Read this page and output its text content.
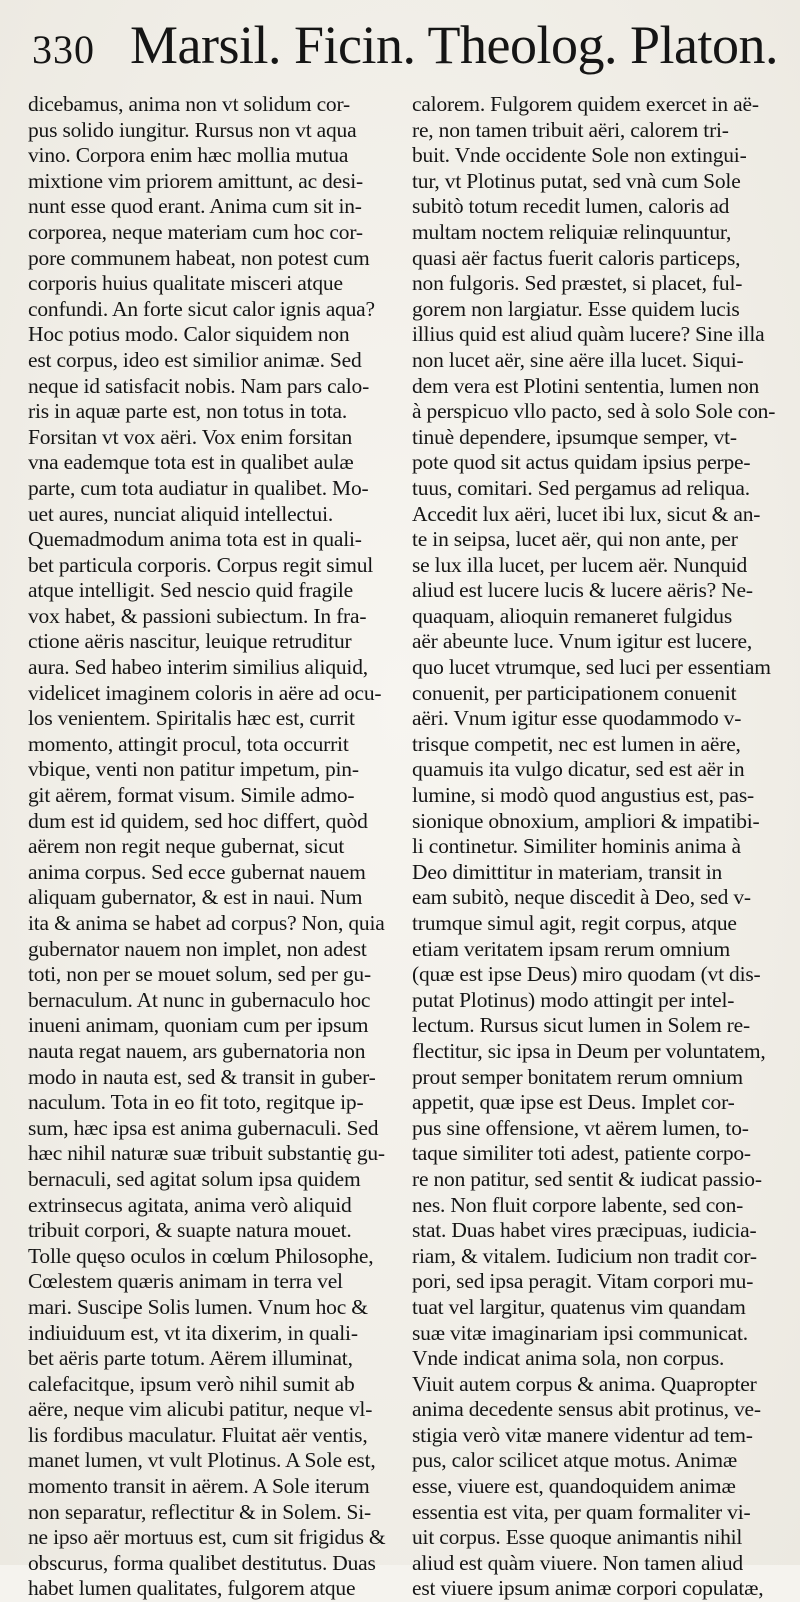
330 Marsil. Ficin. Theolog. Platon.
dicebamus, anima non vt solidum cor-
pus solido iungitur. Rursus non vt aqua
vino. Corpora enim hæc mollia mutua
mixtione vim priorem amittunt, ac desi-
nunt esse quod erant. Anima cum sit in-
corporea, neque materiam cum hoc cor-
pore communem habeat, non potest cum
corporis huius qualitate misceri atque
confundi. An forte sicut calor ignis aqua?
Hoc potius modo. Calor siquidem non
est corpus, ideo est similior animæ. Sed
neque id satisfacit nobis. Nam pars calo-
ris in aquæ parte est, non totus in tota.
Forsitan vt vox aëri. Vox enim forsitan
vna eademque tota est in qualibet aulæ
parte, cum tota audiatur in qualibet. Mo-
uet aures, nunciat aliquid intellectui.
Quemadmodum anima tota est in quali-
bet particula corporis. Corpus regit simul
atque intelligit. Sed nescio quid fragile
vox habet, & passioni subiectum. In fra-
ctione aëris nascitur, leuique retruditur
aura. Sed habeo interim similius aliquid,
videlicet imaginem coloris in aëre ad ocu-
los venientem. Spiritalis hæc est, currit
momento, attingit procul, tota occurrit
vbique, venti non patitur impetum, pin-
git aërem, format visum. Simile admo-
dum est id quidem, sed hoc differt, quòd
aërem non regit neque gubernat, sicut
anima corpus. Sed ecce gubernat nauem
aliquam gubernator, & est in naui. Num
ita & anima se habet ad corpus? Non, quia
gubernator nauem non implet, non adest
toti, non per se mouet solum, sed per gu-
bernaculum. At nunc in gubernaculo hoc
inueni animam, quoniam cum per ipsum
nauta regat nauem, ars gubernatoria non
modo in nauta est, sed & transit in guber-
naculum. Tota in eo fit toto, regitque ip-
sum, hæc ipsa est anima gubernaculi. Sed
hæc nihil naturæ suæ tribuit substantię gu-
bernaculi, sed agitat solum ipsa quidem
extrinsecus agitata, anima verò aliquid
tribuit corpori, & suapte natura mouet.
Tolle quęso oculos in cœlum Philosophe,
Cœlestem quæris animam in terra vel
mari. Suscipe Solis lumen. Vnum hoc &
indiuiduum est, vt ita dixerim, in quali-
bet aëris parte totum. Aërem illuminat,
calefacitque, ipsum verò nihil sumit ab
aëre, neque vim alicubi patitur, neque vl-
lis fordibus maculatur. Fluitat aër ventis,
manet lumen, vt vult Plotinus. A Sole est,
momento transit in aërem. A Sole iterum
non separatur, reflectitur & in Solem. Si-
ne ipso aër mortuus est, cum sit frigidus &
obscurus, forma qualibet destitutus. Duas
habet lumen qualitates, fulgorem atque
calorem. Fulgorem quidem exercet in aë-
re, non tamen tribuit aëri, calorem tri-
buit. Vnde occidente Sole non extingui-
tur, vt Plotinus putat, sed vnà cum Sole
subitò totum recedit lumen, caloris ad
multam noctem reliquiæ relinquuntur,
quasi aër factus fuerit caloris particeps,
non fulgoris. Sed præstet, si placet, ful-
gorem non largiatur. Esse quidem lucis
illius quid est aliud quàm lucere? Sine illa
non lucet aër, sine aëre illa lucet. Siqui-
dem vera est Plotini sententia, lumen non
à perspicuo vllo pacto, sed à solo Sole con-
tinuè dependere, ipsumque semper, vt-
pote quod sit actus quidam ipsius perpe-
tuus, comitari. Sed pergamus ad reliqua.
Accedit lux aëri, lucet ibi lux, sicut & an-
te in seipsa, lucet aër, qui non ante, per
se lux illa lucet, per lucem aër. Nunquid
aliud est lucere lucis & lucere aëris? Ne-
quaquam, alioquin remaneret fulgidus
aër abeunte luce. Vnum igitur est lucere,
quo lucet vtrumque, sed luci per essentiam
conuenit, per participationem conuenit
aëri. Vnum igitur esse quodammodo v-
trisque competit, nec est lumen in aëre,
quamuis ita vulgo dicatur, sed est aër in
lumine, si modò quod angustius est, pas-
sionique obnoxium, ampliori & impatibi-
li continetur. Similiter hominis anima à
Deo dimittitur in materiam, transit in
eam subitò, neque discedit à Deo, sed v-
trumque simul agit, regit corpus, atque
etiam veritatem ipsam rerum omnium
(quæ est ipse Deus) miro quodam (vt dis-
putat Plotinus) modo attingit per intel-
lectum. Rursus sicut lumen in Solem re-
flectitur, sic ipsa in Deum per voluntatem,
prout semper bonitatem rerum omnium
appetit, quæ ipse est Deus. Implet cor-
pus sine offensione, vt aërem lumen, to-
taque similiter toti adest, patiente corpo-
re non patitur, sed sentit & iudicat passio-
nes. Non fluit corpore labente, sed con-
stat. Duas habet vires præcipuas, iudicia-
riam, & vitalem. Iudicium non tradit cor-
pori, sed ipsa peragit. Vitam corpori mu-
tuat vel largitur, quatenus vim quandam
suæ vitæ imaginariam ipsi communicat.
Vnde indicat anima sola, non corpus.
Viuit autem corpus & anima. Quapropter
anima decedente sensus abit protinus, ve-
stigia verò vitæ manere videntur ad tem-
pus, calor scilicet atque motus. Animæ
esse, viuere est, quandoquidem animæ
essentia est vita, per quam formaliter vi-
uit corpus. Esse quoque animantis nihil
aliud est quàm viuere. Non tamen aliud
est viuere ipsum animæ corpori copulatæ,
